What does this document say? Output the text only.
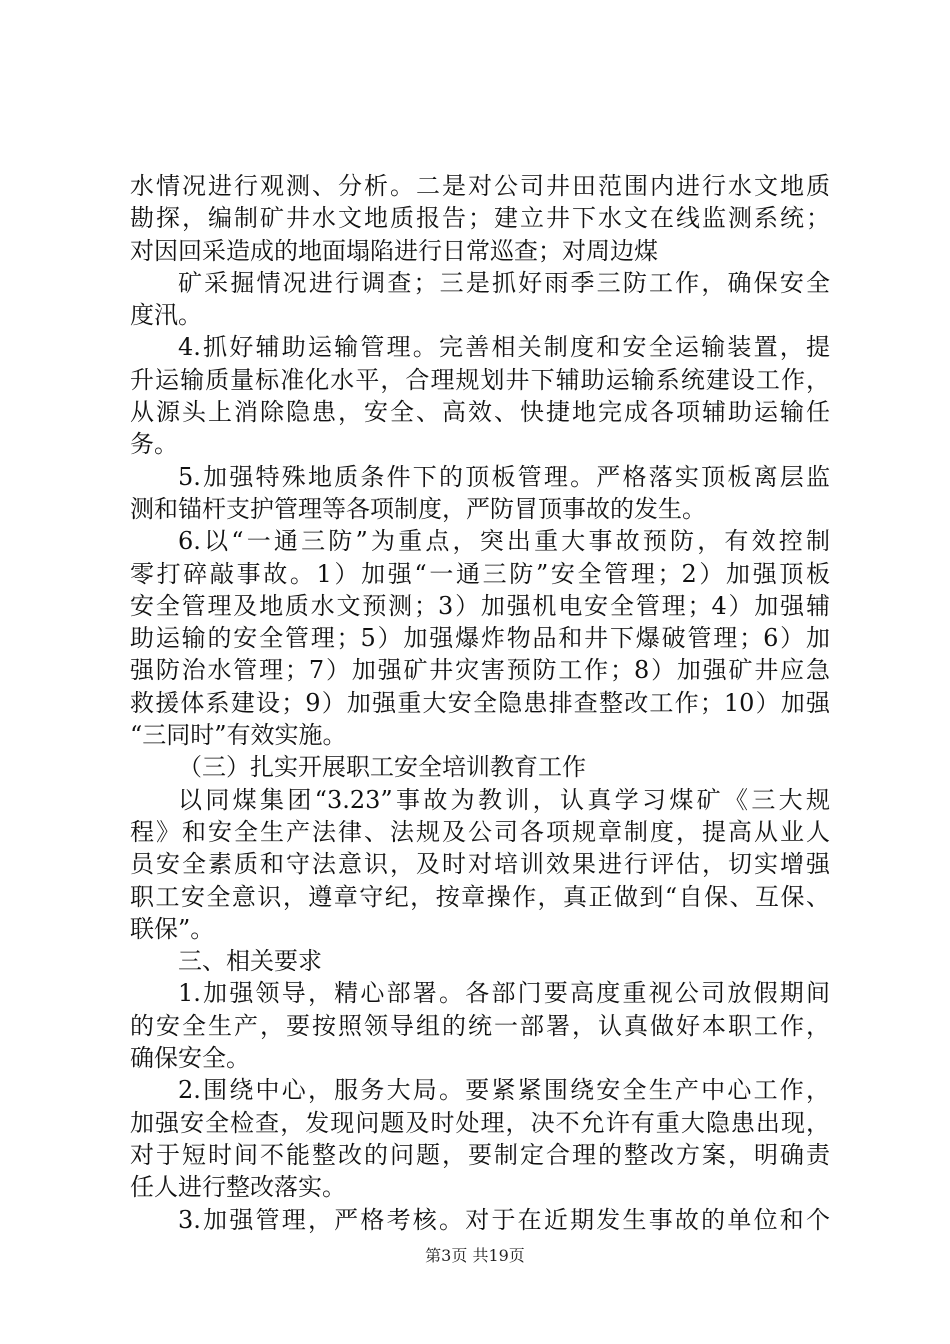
水情况进行观测、分析。二是对公司井田范围内进行水文地质
勘探，编制矿井水文地质报告；建立井下水文在线监测系统；
对因回采造成的地面塌陷进行日常巡查；对周边煤
矿采掘情况进行调查；三是抓好雨季三防工作，确保安全
度汛。
4.抓好辅助运输管理。完善相关制度和安全运输装置，提
升运输质量标准化水平，合理规划井下辅助运输系统建设工作，
从源头上消除隐患，安全、高效、快捷地完成各项辅助运输任
务。
5.加强特殊地质条件下的顶板管理。严格落实顶板离层监
测和锚杆支护管理等各项制度，严防冒顶事故的发生。
6.以“一通三防”为重点，突出重大事故预防，有效控制
零打碎敲事故。1）加强“一通三防”安全管理；2）加强顶板
安全管理及地质水文预测；3）加强机电安全管理；4）加强辅
助运输的安全管理；5）加强爆炸物品和井下爆破管理；6）加
强防治水管理；7）加强矿井灾害预防工作；8）加强矿井应急
救援体系建设；9）加强重大安全隐患排查整改工作；10）加强
“三同时”有效实施。
（三）扎实开展职工安全培训教育工作
以同煤集团“3.23”事故为教训，认真学习煤矿《三大规
程》和安全生产法律、法规及公司各项规章制度，提高从业人
员安全素质和守法意识，及时对培训效果进行评估，切实增强
职工安全意识，遵章守纪，按章操作，真正做到“自保、互保、
联保”。
三、相关要求
1.加强领导，精心部署。各部门要高度重视公司放假期间
的安全生产，要按照领导组的统一部署，认真做好本职工作，
确保安全。
2.围绕中心，服务大局。要紧紧围绕安全生产中心工作，
加强安全检查，发现问题及时处理，决不允许有重大隐患出现，
对于短时间不能整改的问题，要制定合理的整改方案，明确责
任人进行整改落实。
3.加强管理，严格考核。对于在近期发生事故的单位和个
第3页 共19页
